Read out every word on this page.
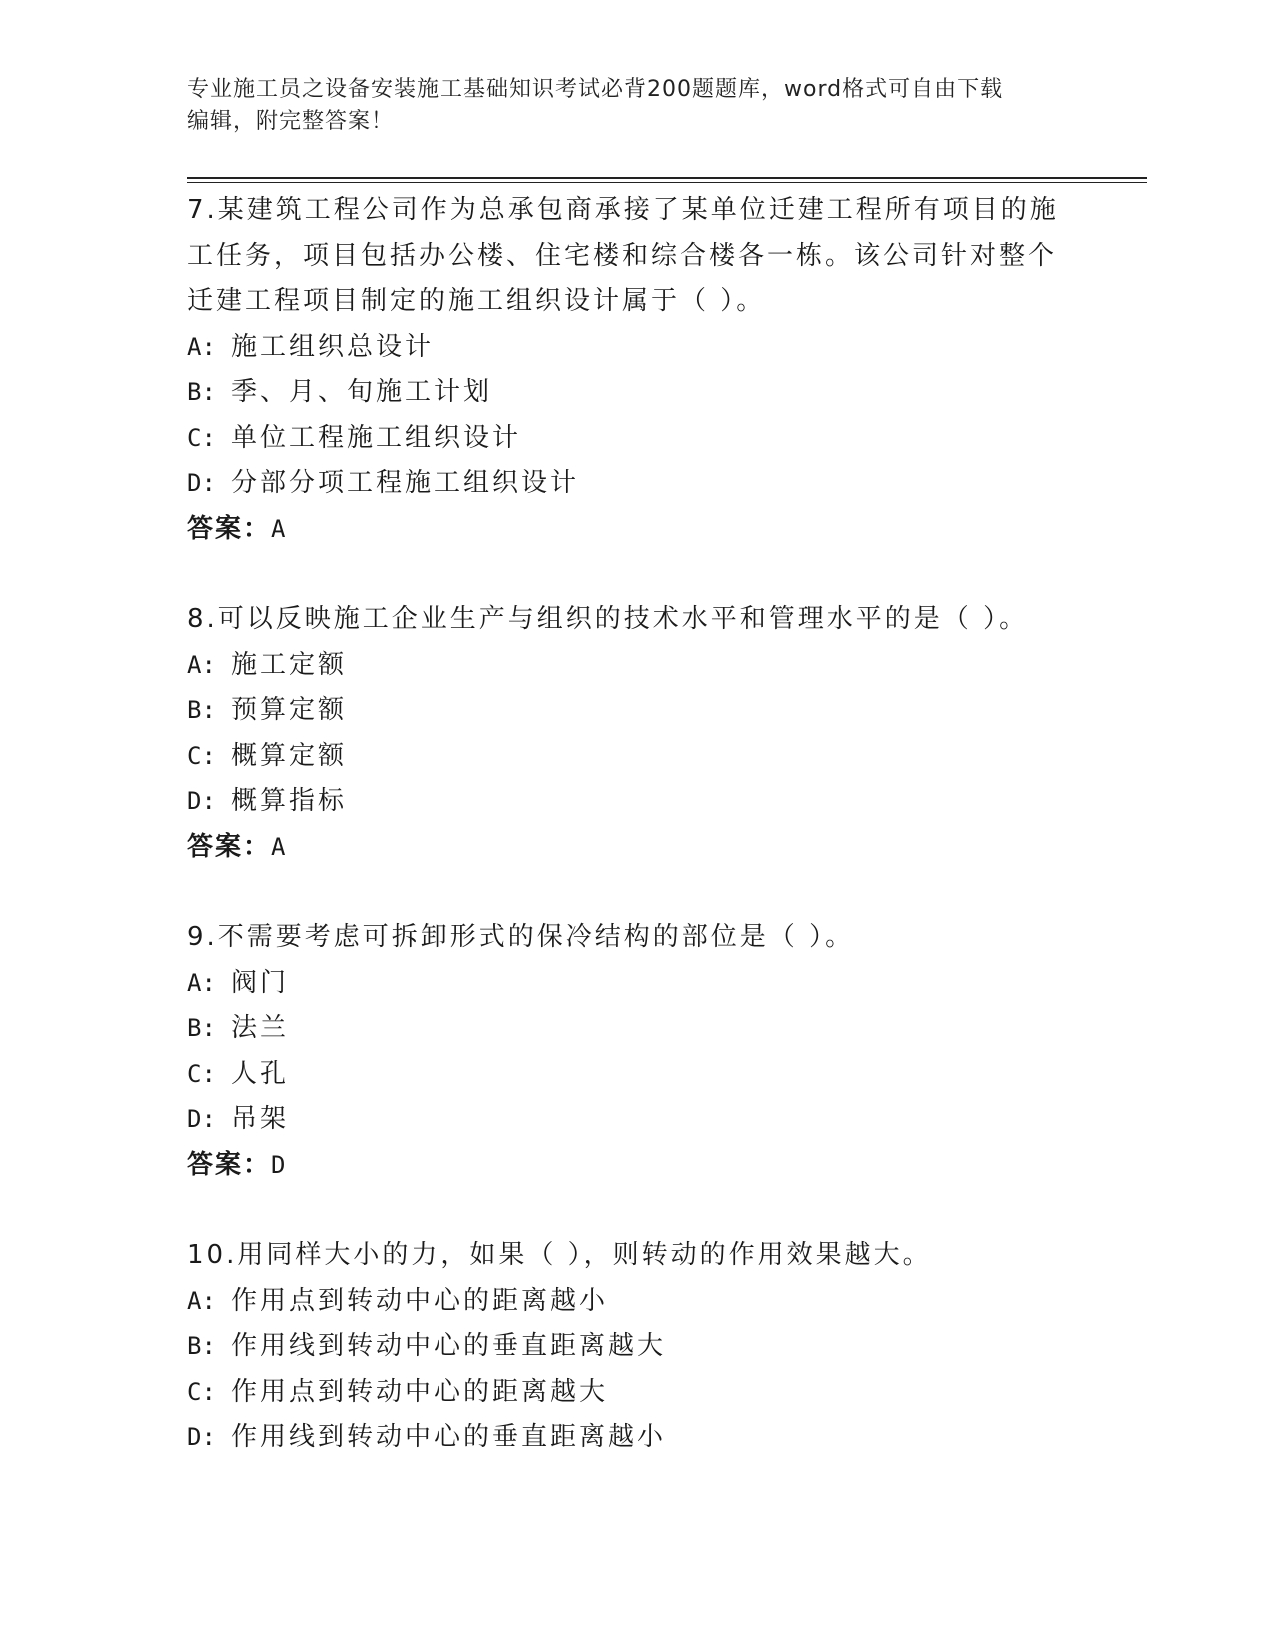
专业施工员之设备安装施工基础知识考试必背200题题库，word格式可自由下载
编辑，附完整答案！

7.某建筑工程公司作为总承包商承接了某单位迁建工程所有项目的施
工任务，项目包括办公楼、住宅楼和综合楼各一栋。该公司针对整个
迁建工程项目制定的施工组织设计属于（ ）。

A: 施工组织总设计

B: 季、月、旬施工计划

C: 单位工程施工组织设计

D: 分部分项工程施工组织设计

答案：A

8.可以反映施工企业生产与组织的技术水平和管理水平的是（ ）。

A: 施工定额

B: 预算定额

C: 概算定额

D: 概算指标

答案：A

9.不需要考虑可拆卸形式的保冷结构的部位是（ ）。

A: 阀门

B: 法兰

C: 人孔

D: 吊架

答案：D

10.用同样大小的力，如果（ ），则转动的作用效果越大。

A: 作用点到转动中心的距离越小

B: 作用线到转动中心的垂直距离越大

C: 作用点到转动中心的距离越大

D: 作用线到转动中心的垂直距离越小
